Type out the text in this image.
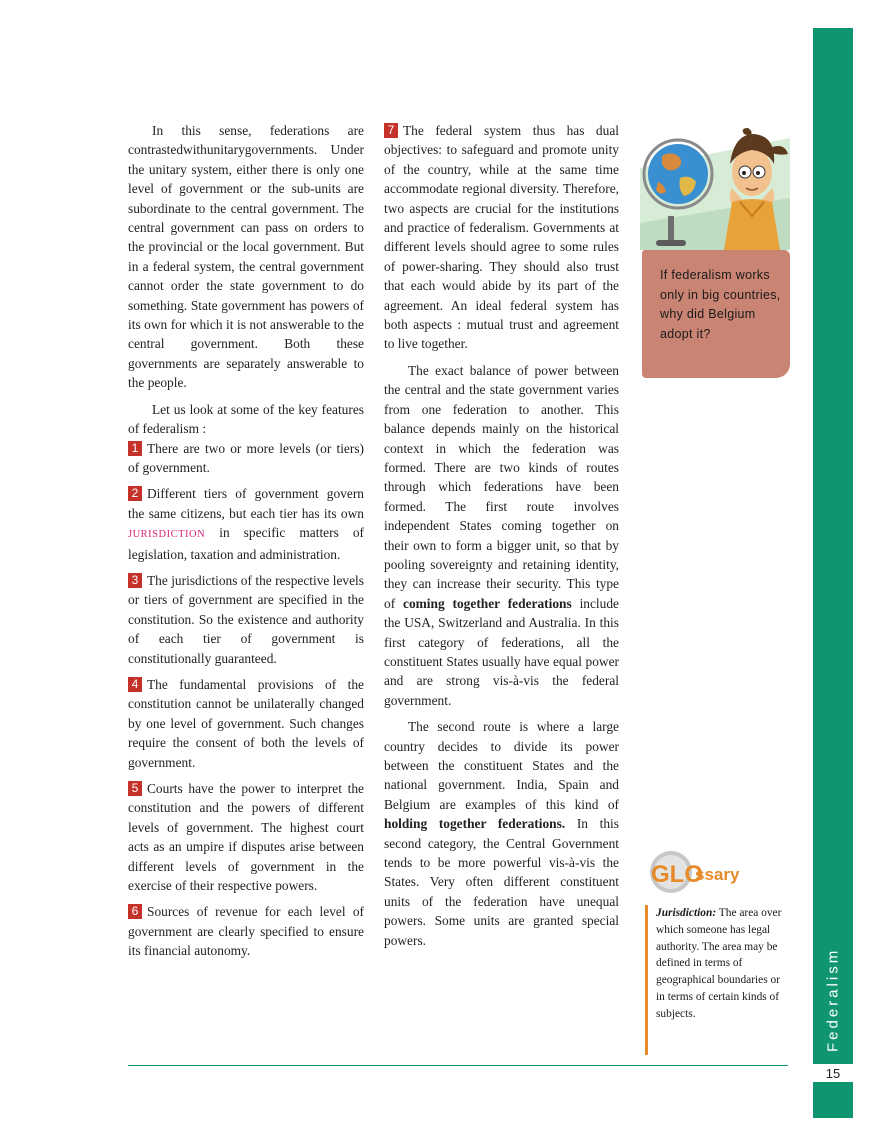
Federalism
15

In this sense, federations are contrastedwithunitarygovernments. Under the unitary system, either there is only one level of government or the sub-units are subordinate to the central government. The central government can pass on orders to the provincial or the local government. But in a federal system, the central government cannot order the state government to do something. State government has powers of its own for which it is not answerable to the central government. Both these governments are separately answerable to the people.

Let us look at some of the key features of federalism :

1 There are two or more levels (or tiers) of government.

2 Different tiers of government govern the same citizens, but each tier has its own JURISDICTION in specific matters of legislation, taxation and administration.

3 The jurisdictions of the respective levels or tiers of government are specified in the constitution. So the existence and authority of each tier of government is constitutionally guaranteed.

4 The fundamental provisions of the constitution cannot be unilaterally changed by one level of government. Such changes require the consent of both the levels of government.

5 Courts have the power to interpret the constitution and the powers of different levels of government. The highest court acts as an umpire if disputes arise between different levels of government in the exercise of their respective powers.

6 Sources of revenue for each level of government are clearly specified to ensure its financial autonomy.

7 The federal system thus has dual objectives: to safeguard and promote unity of the country, while at the same time accommodate regional diversity. Therefore, two aspects are crucial for the institutions and practice of federalism. Governments at different levels should agree to some rules of power-sharing. They should also trust that each would abide by its part of the agreement. An ideal federal system has both aspects : mutual trust and agreement to live together.

The exact balance of power between the central and the state government varies from one federation to another. This balance depends mainly on the historical context in which the federation was formed. There are two kinds of routes through which federations have been formed. The first route involves independent States coming together on their own to form a bigger unit, so that by pooling sovereignty and retaining identity, they can increase their security. This type of coming together federations include the USA, Switzerland and Australia. In this first category of federations, all the constituent States usually have equal power and are strong vis-à-vis the federal government.

The second route is where a large country decides to divide its power between the constituent States and the national government. India, Spain and Belgium are examples of this kind of holding together federations. In this second category, the Central Government tends to be more powerful vis-à-vis the States. Very often different constituent units of the federation have unequal powers. Some units are granted special powers.

If federalism works only in big countries, why did Belgium adopt it?
GLO
ssary
Jurisdiction: The area over which someone has legal authority. The area may be defined in terms of geographical boundaries or in terms of certain kinds of subjects.
